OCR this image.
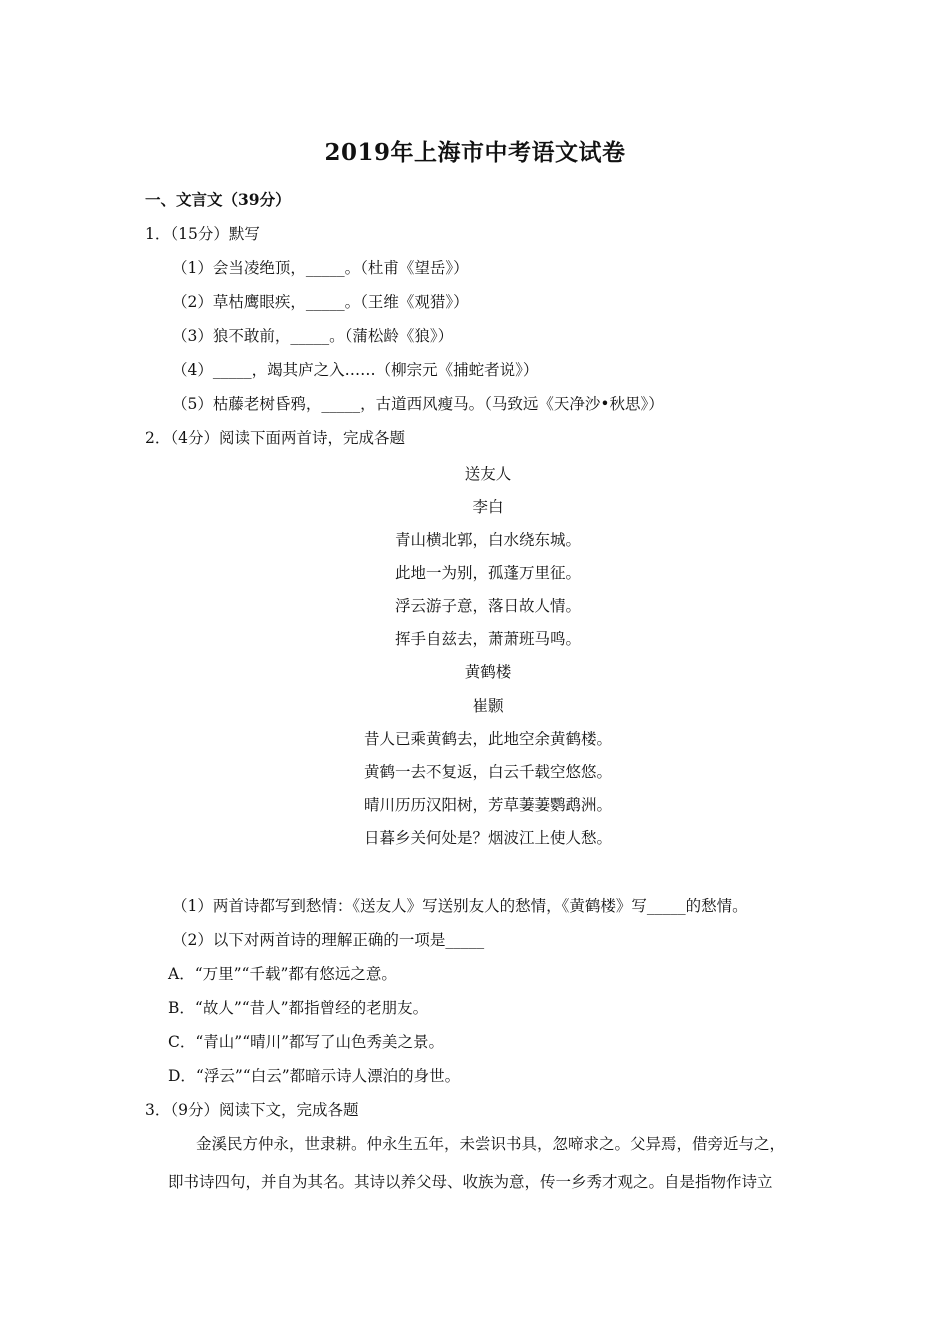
2019年上海市中考语文试卷
一、文言文（39分）
1．（15分）默写
（1）会当凌绝顶，_____。（杜甫《望岳》）
（2）草枯鹰眼疾，_____。（王维《观猎》）
（3）狼不敢前，_____。（蒲松龄《狼》）
（4）_____，竭其庐之入……（柳宗元《捕蛇者说》）
（5）枯藤老树昏鸦，_____，古道西风瘦马。（马致远《天净沙•秋思》）
2．（4分）阅读下面两首诗，完成各题
送友人
李白
青山横北郭，白水绕东城。
此地一为别，孤蓬万里征。
浮云游子意，落日故人情。
挥手自兹去，萧萧班马鸣。
黄鹤楼
崔颢
昔人已乘黄鹤去，此地空余黄鹤楼。
黄鹤一去不复返，白云千载空悠悠。
晴川历历汉阳树，芳草萋萋鹦鹉洲。
日暮乡关何处是？烟波江上使人愁。
（1）两首诗都写到愁情：《送友人》写送别友人的愁情，《黄鹤楼》写_____的愁情。
（2）以下对两首诗的理解正确的一项是_____
A．“万里”“千载”都有悠远之意。
B．“故人”“昔人”都指曾经的老朋友。
C．“青山”“晴川”都写了山色秀美之景。
D．“浮云”“白云”都暗示诗人漂泊的身世。
3．（9分）阅读下文，完成各题
金溪民方仲永，世隶耕。仲永生五年，未尝识书具，忽啼求之。父异焉，借旁近与之，
即书诗四句，并自为其名。其诗以养父母、收族为意，传一乡秀才观之。自是指物作诗立
